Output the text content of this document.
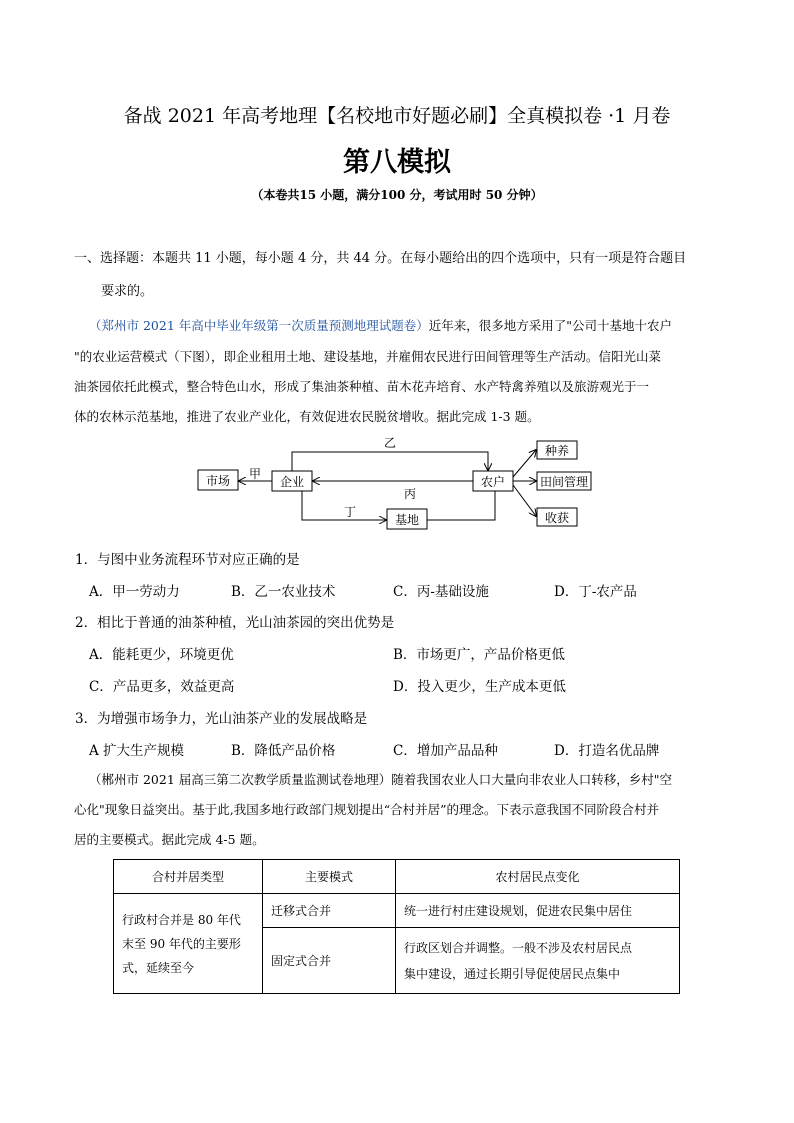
备战 2021 年高考地理【名校地市好题必刷】全真模拟卷 ·1 月卷
第八模拟
（本卷共15 小题，满分100 分，考试用时 50 分钟）
一、选择题：本题共 11 小题，每小题 4 分，共 44 分。在每小题给出的四个选项中，只有一项是符合题目
要求的。
（郑州市 2021 年高中毕业年级第一次质量预测地理试题卷）近年来，很多地方采用了"公司十基地十农户
"的农业运营模式（下图），即企业租用土地、建设基地，并雇佣农民进行田间管理等生产活动。信阳光山菜
油茶园依托此模式，整合特色山水，形成了集油茶种植、苗木花卉培育、水产特禽养殖以及旅游观光于一
体的农林示范基地，推进了农业产业化，有效促进农民脱贫增收。据此完成 1-3 题。
市场	企业	农户
基地
种养
田间管理
收获
甲
乙
丙
丁
1．与图中业务流程环节对应正确的是
A．甲一劳动力	B．乙一农业技术	C．丙-基础设施	D．丁-农产品
2．相比于普通的油茶种植，光山油茶园的突出优势是
A．能耗更少，环境更优	B．市场更广，产品价格更低
C．产品更多，效益更高	D．投入更少，生产成本更低
3．为增强市场争力，光山油茶产业的发展战略是
A 扩大生产规模	B．降低产品价格	C．增加产品品种	D．打造名优品牌
（郴州市 2021 届高三第二次教学质量监测试卷地理）随着我国农业人口大量向非农业人口转移，乡村"空
心化"现象日益突出。基于此,我国多地行政部门规划提出“合村并居”的理念。下表示意我国不同阶段合村并
居的主要模式。据此完成 4-5 题。
合村并居类型	主要模式	农村居民点变化

行政村合并是 80 年代
末至 90 年代的主要形
式，延续至今	迁移式合并	统一进行村庄建设规划，促进农民集中居住
	固定式合并	行政区划合并调整。一般不涉及农村居民点
集中建设，通过长期引导促使居民点集中
